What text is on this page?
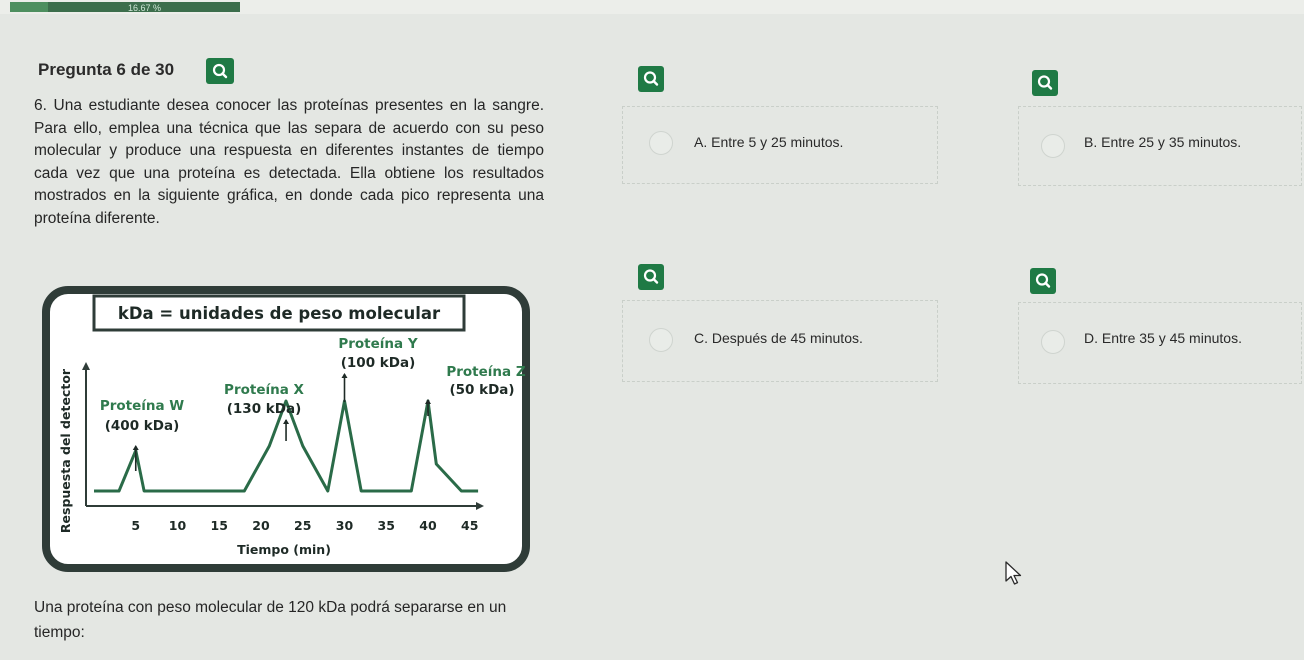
16.67 %
Pregunta 6 de 30
6. Una estudiante desea conocer las proteínas presentes en la sangre. Para ello, emplea una técnica que las separa de acuerdo con su peso molecular y produce una respuesta en diferentes instantes de tiempo cada vez que una proteína es detectada. Ella obtiene los resultados mostrados en la siguiente gráfica, en donde cada pico representa una proteína diferente.
Una proteína con peso molecular de 120 kDa podrá separarse en un tiempo:
kDa = unidades de peso molecular
5 10 15 20 25 30 35 40 45
Proteína W
(400 kDa)
Proteína X
(130 kDa)
Proteína Y
(100 kDa)
Proteína Z
(50 kDa)
Tiempo (min)
Respuesta del detector
A. Entre 5 y 25 minutos.	B. Entre 25 y 35 minutos.
C. Después de 45 minutos.	D. Entre 35 y 45 minutos.
